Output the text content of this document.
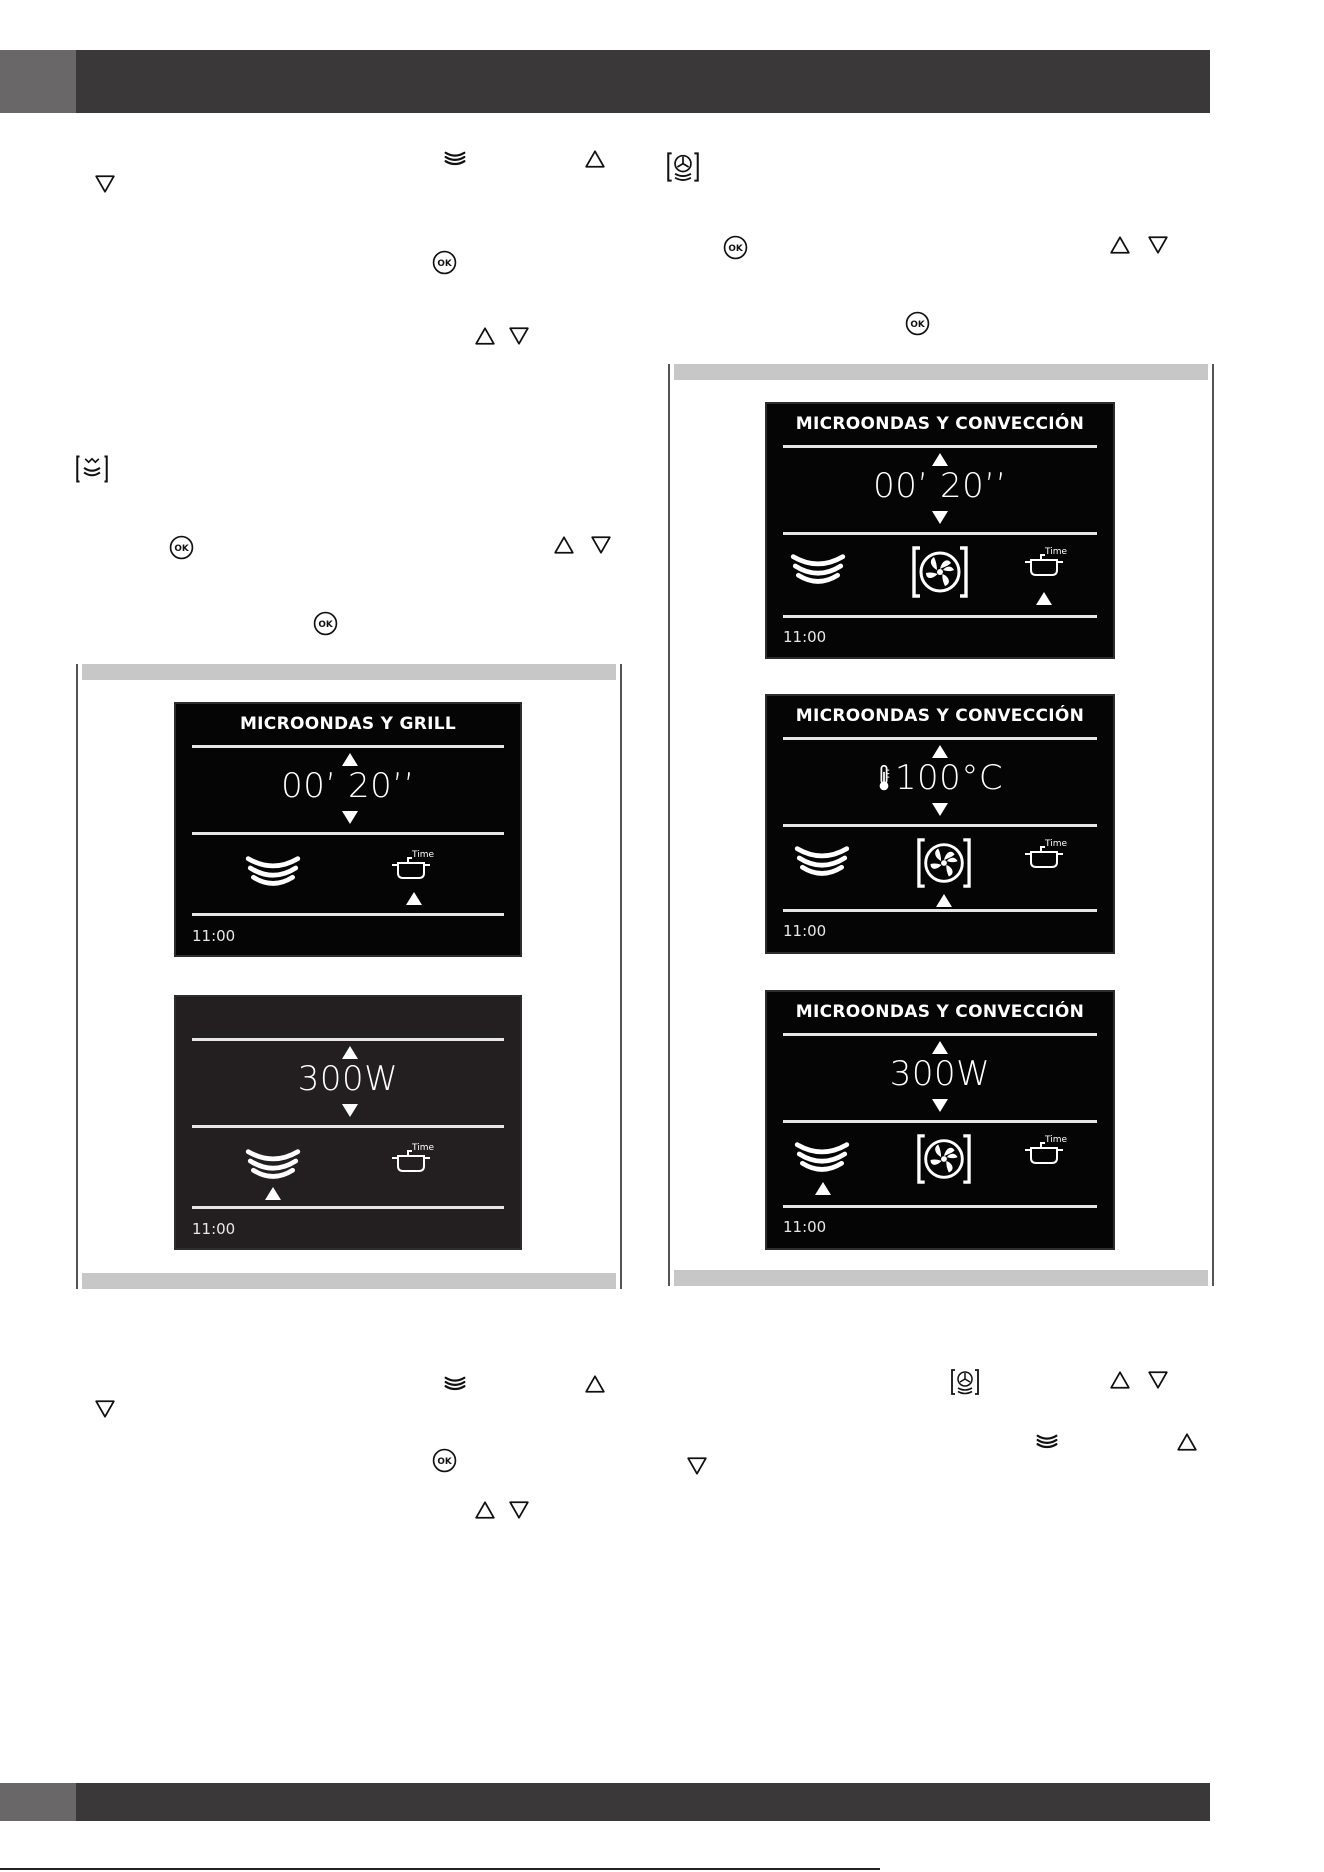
MICROONDAS Y GRILL
00’ 20’’
Time
11:00
300W
Time
11:00
MICROONDAS Y CONVECCIÓN
00’ 20’’
Time
11:00
MICROONDAS Y CONVECCIÓN
100°C
Time
11:00
MICROONDAS Y CONVECCIÓN
300W
Time
11:00
